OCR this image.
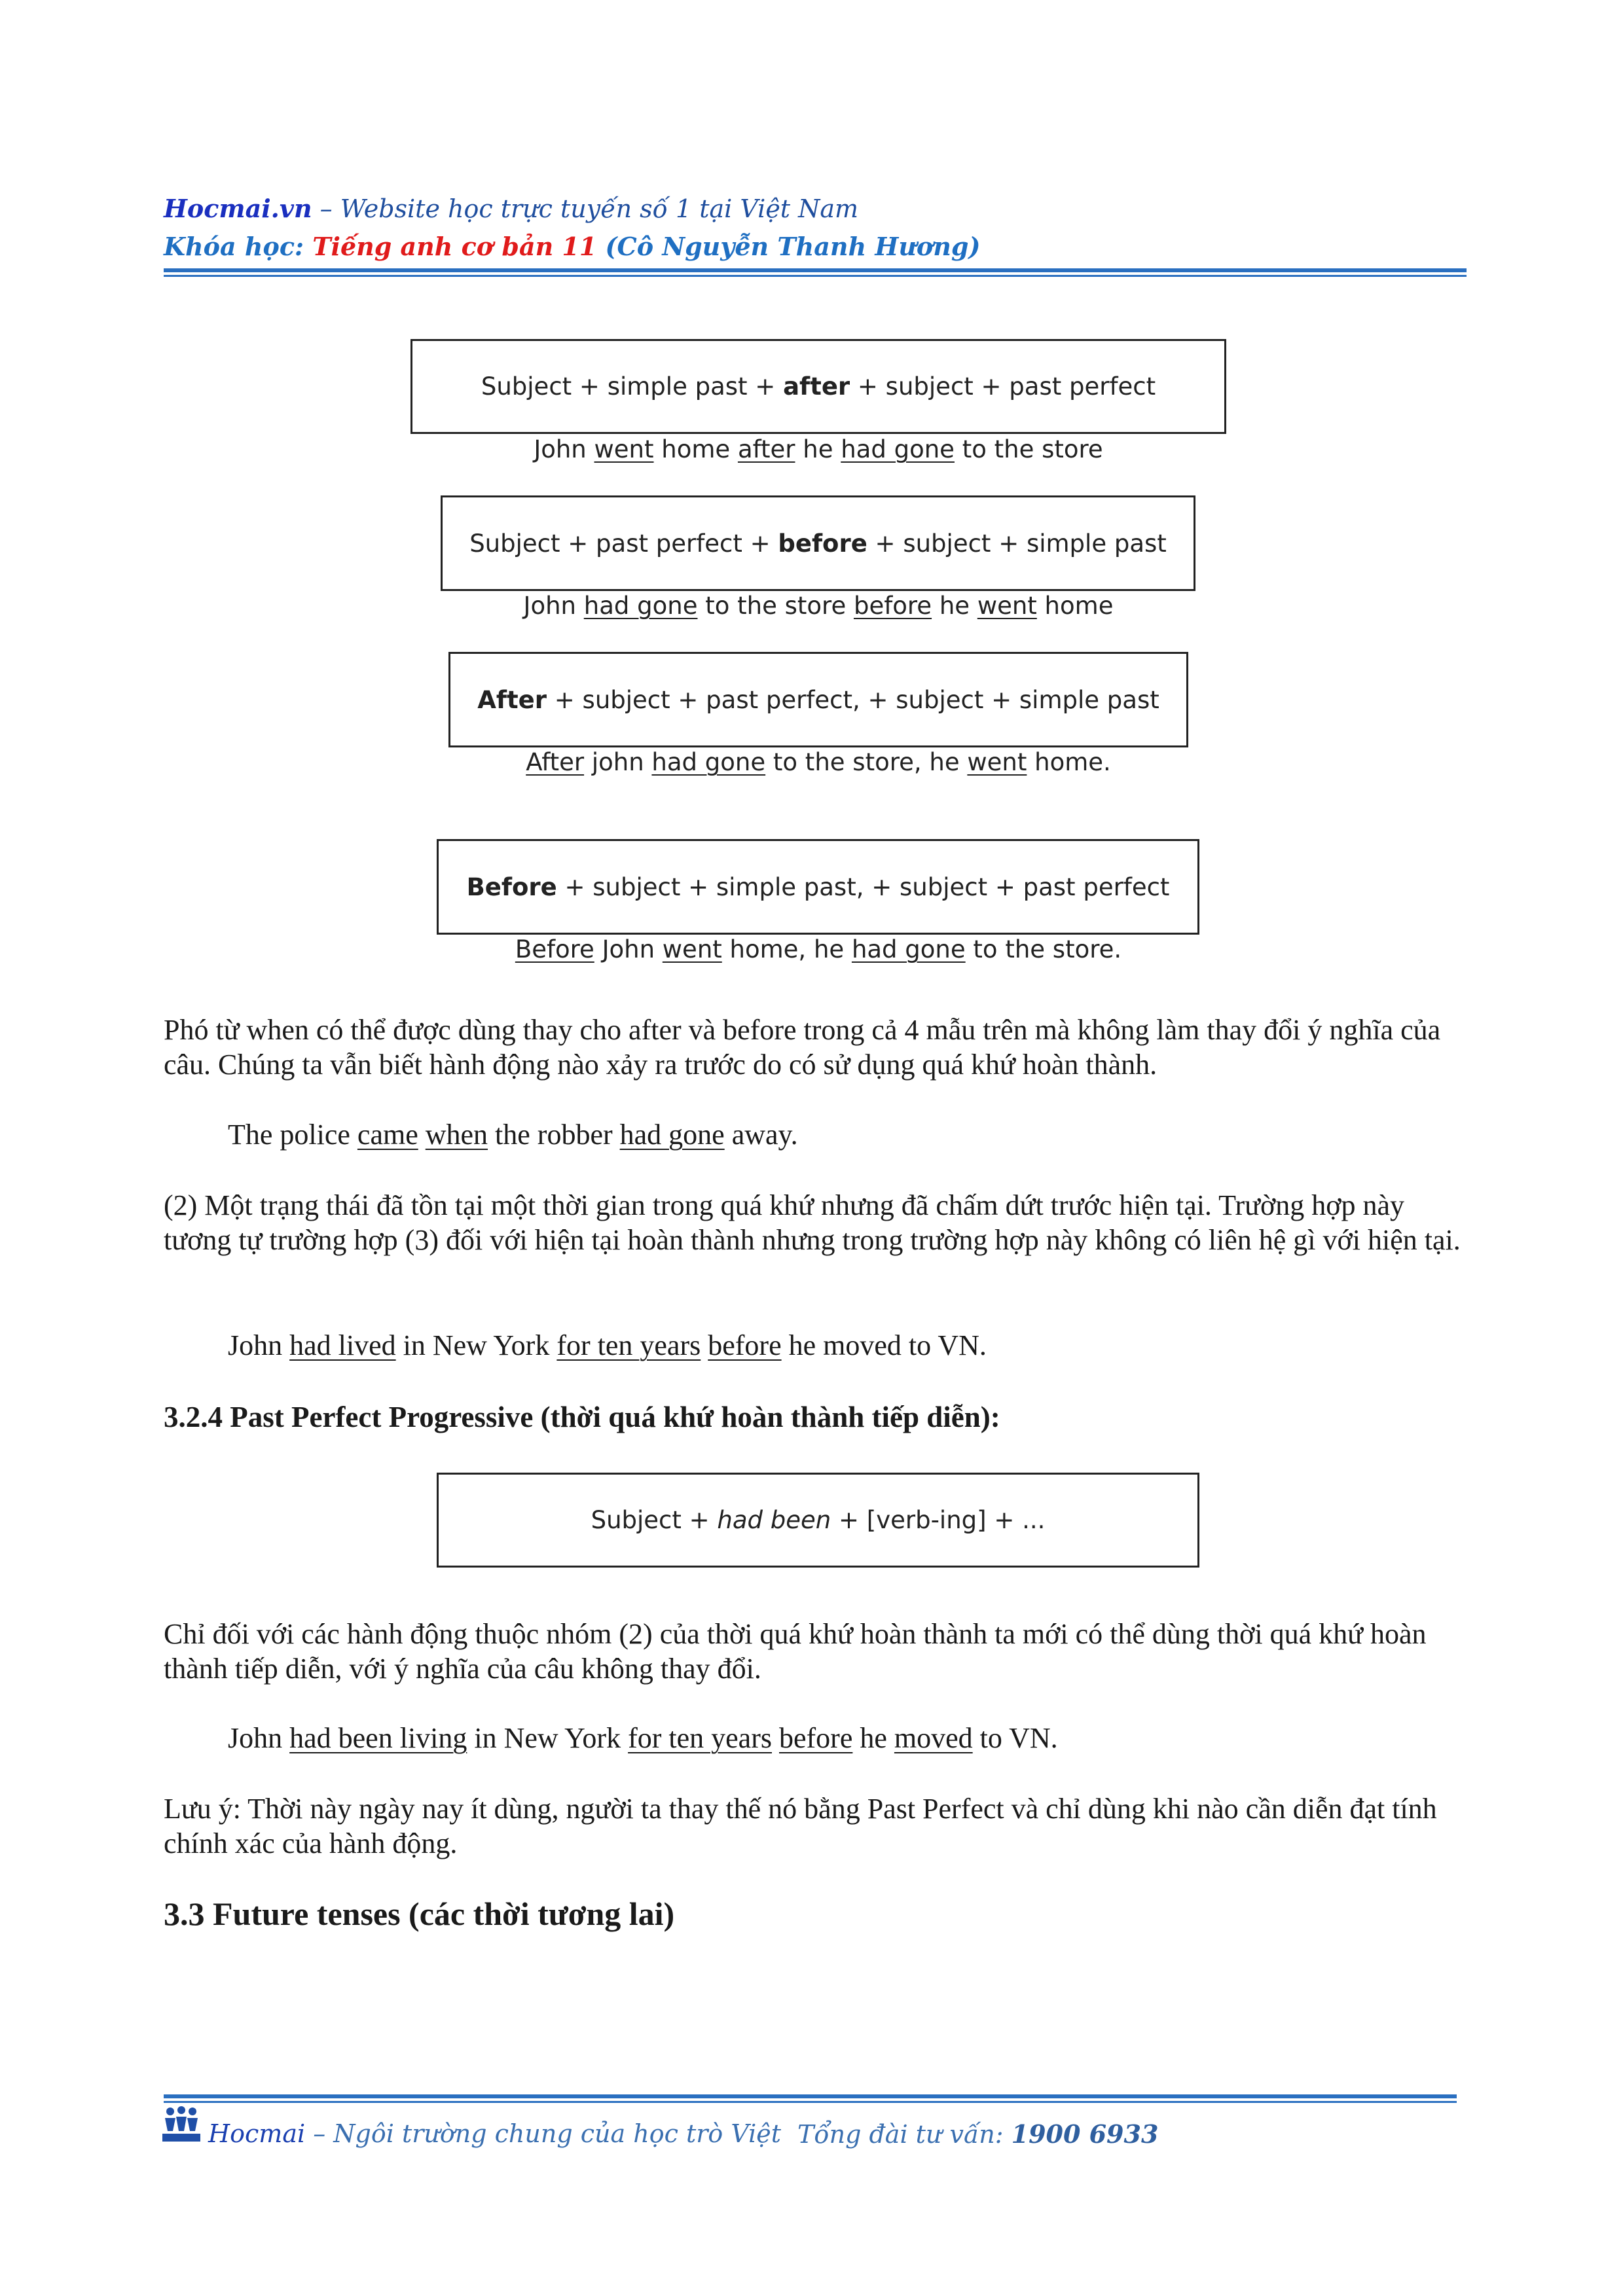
Hocmai.vn – Website học trực tuyến số 1 tại Việt Nam
Khóa học: Tiếng anh cơ bản 11 (Cô Nguyễn Thanh Hương)
Subject + simple past + after + subject + past perfect
John went home after he had gone to the store
Subject + past perfect + before + subject + simple past
John had gone to the store before he went home
After + subject + past perfect, + subject + simple past
After john had gone to the store, he went home.
Before + subject + simple past, + subject + past perfect
Before John went home, he had gone to the store.
Phó từ when có thể được dùng thay cho after và before trong cả 4 mẫu trên mà không làm thay đổi ý nghĩa của câu. Chúng ta vẫn biết hành động nào xảy ra trước do có sử dụng quá khứ hoàn thành.
The police came when the robber had gone away.
(2) Một trạng thái đã tồn tại một thời gian trong quá khứ nhưng đã chấm dứt trước hiện tại. Trường hợp này tương tự trường hợp (3) đối với hiện tại hoàn thành nhưng trong trường hợp này không có liên hệ gì với hiện tại.
John had lived in New York for ten years before he moved to VN.
3.2.4 Past Perfect Progressive (thời quá khứ hoàn thành tiếp diễn):
Subject + had been + [verb-ing] + ...
Chỉ đối với các hành động thuộc nhóm (2) của thời quá khứ hoàn thành ta mới có thể dùng thời quá khứ hoàn thành tiếp diễn, với ý nghĩa của câu không thay đổi.
John had been living in New York for ten years before he moved to VN.
Lưu ý: Thời này ngày nay ít dùng, người ta thay thế nó bằng Past Perfect và chỉ dùng khi nào cần diễn đạt tính chính xác của hành động.
3.3 Future tenses (các thời tương lai)
Hocmai – Ngôi trường chung của học trò Việt Tổng đài tư vấn: 1900 6933
